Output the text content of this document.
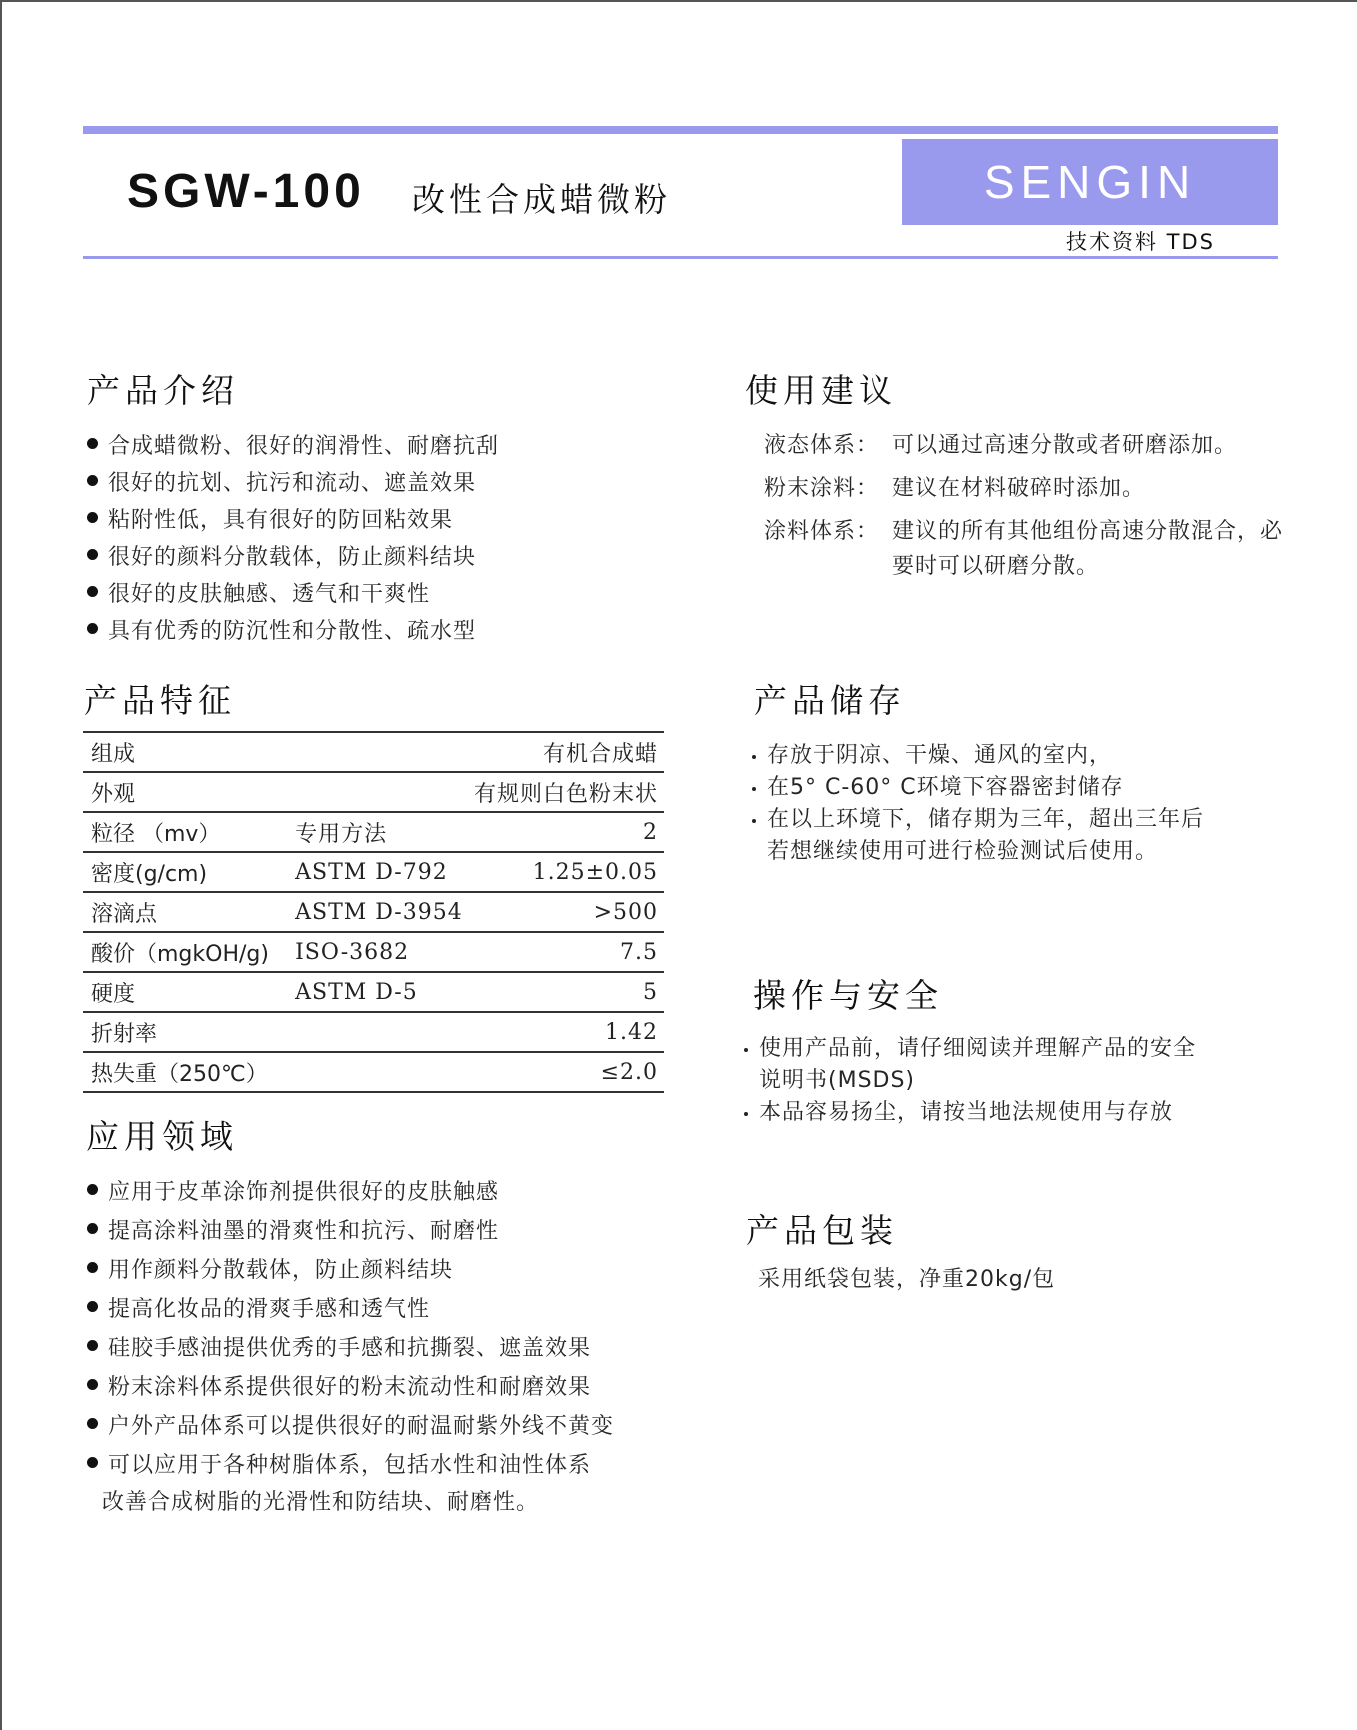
SGW-100 改性合成蜡微粉	SENGIN
技术资料 TDS
产品介绍
合成蜡微粉、很好的润滑性、耐磨抗刮
很好的抗划、抗污和流动、遮盖效果
粘附性低，具有很好的防回粘效果
很好的颜料分散载体，防止颜料结块
很好的皮肤触感、透气和干爽性
具有优秀的防沉性和分散性、疏水型
产品特征
组成		有机合成蜡
外观		有规则白色粉末状
粒径 （mv）	专用方法	2
密度(g/cm)	ASTM D-792	1.25±0.05
溶滴点	ASTM D-3954	>500
酸价（mgkOH/g)	ISO-3682	7.5
硬度	ASTM D-5	5
折射率		1.42
热失重（250℃）		≤2.0
应用领域
应用于皮革涂饰剂提供很好的皮肤触感
提高涂料油墨的滑爽性和抗污、耐磨性
用作颜料分散载体，防止颜料结块
提高化妆品的滑爽手感和透气性
硅胶手感油提供优秀的手感和抗撕裂、遮盖效果
粉末涂料体系提供很好的粉末流动性和耐磨效果
户外产品体系可以提供很好的耐温耐紫外线不黄变
可以应用于各种树脂体系，包括水性和油性体系
改善合成树脂的光滑性和防结块、耐磨性。
使用建议
液态体系： 可以通过高速分散或者研磨添加。
粉末涂料： 建议在材料破碎时添加。
涂料体系： 建议的所有其他组份高速分散混合，必要时可以研磨分散。
产品储存
存放于阴凉、干燥、通风的室内，
在5° C-60° C环境下容器密封储存
在以上环境下，储存期为三年，超出三年后
若想继续使用可进行检验测试后使用。
操作与安全
使用产品前，请仔细阅读并理解产品的安全
说明书(MSDS)
本品容易扬尘，请按当地法规使用与存放
产品包装
采用纸袋包装，净重20kg/包
